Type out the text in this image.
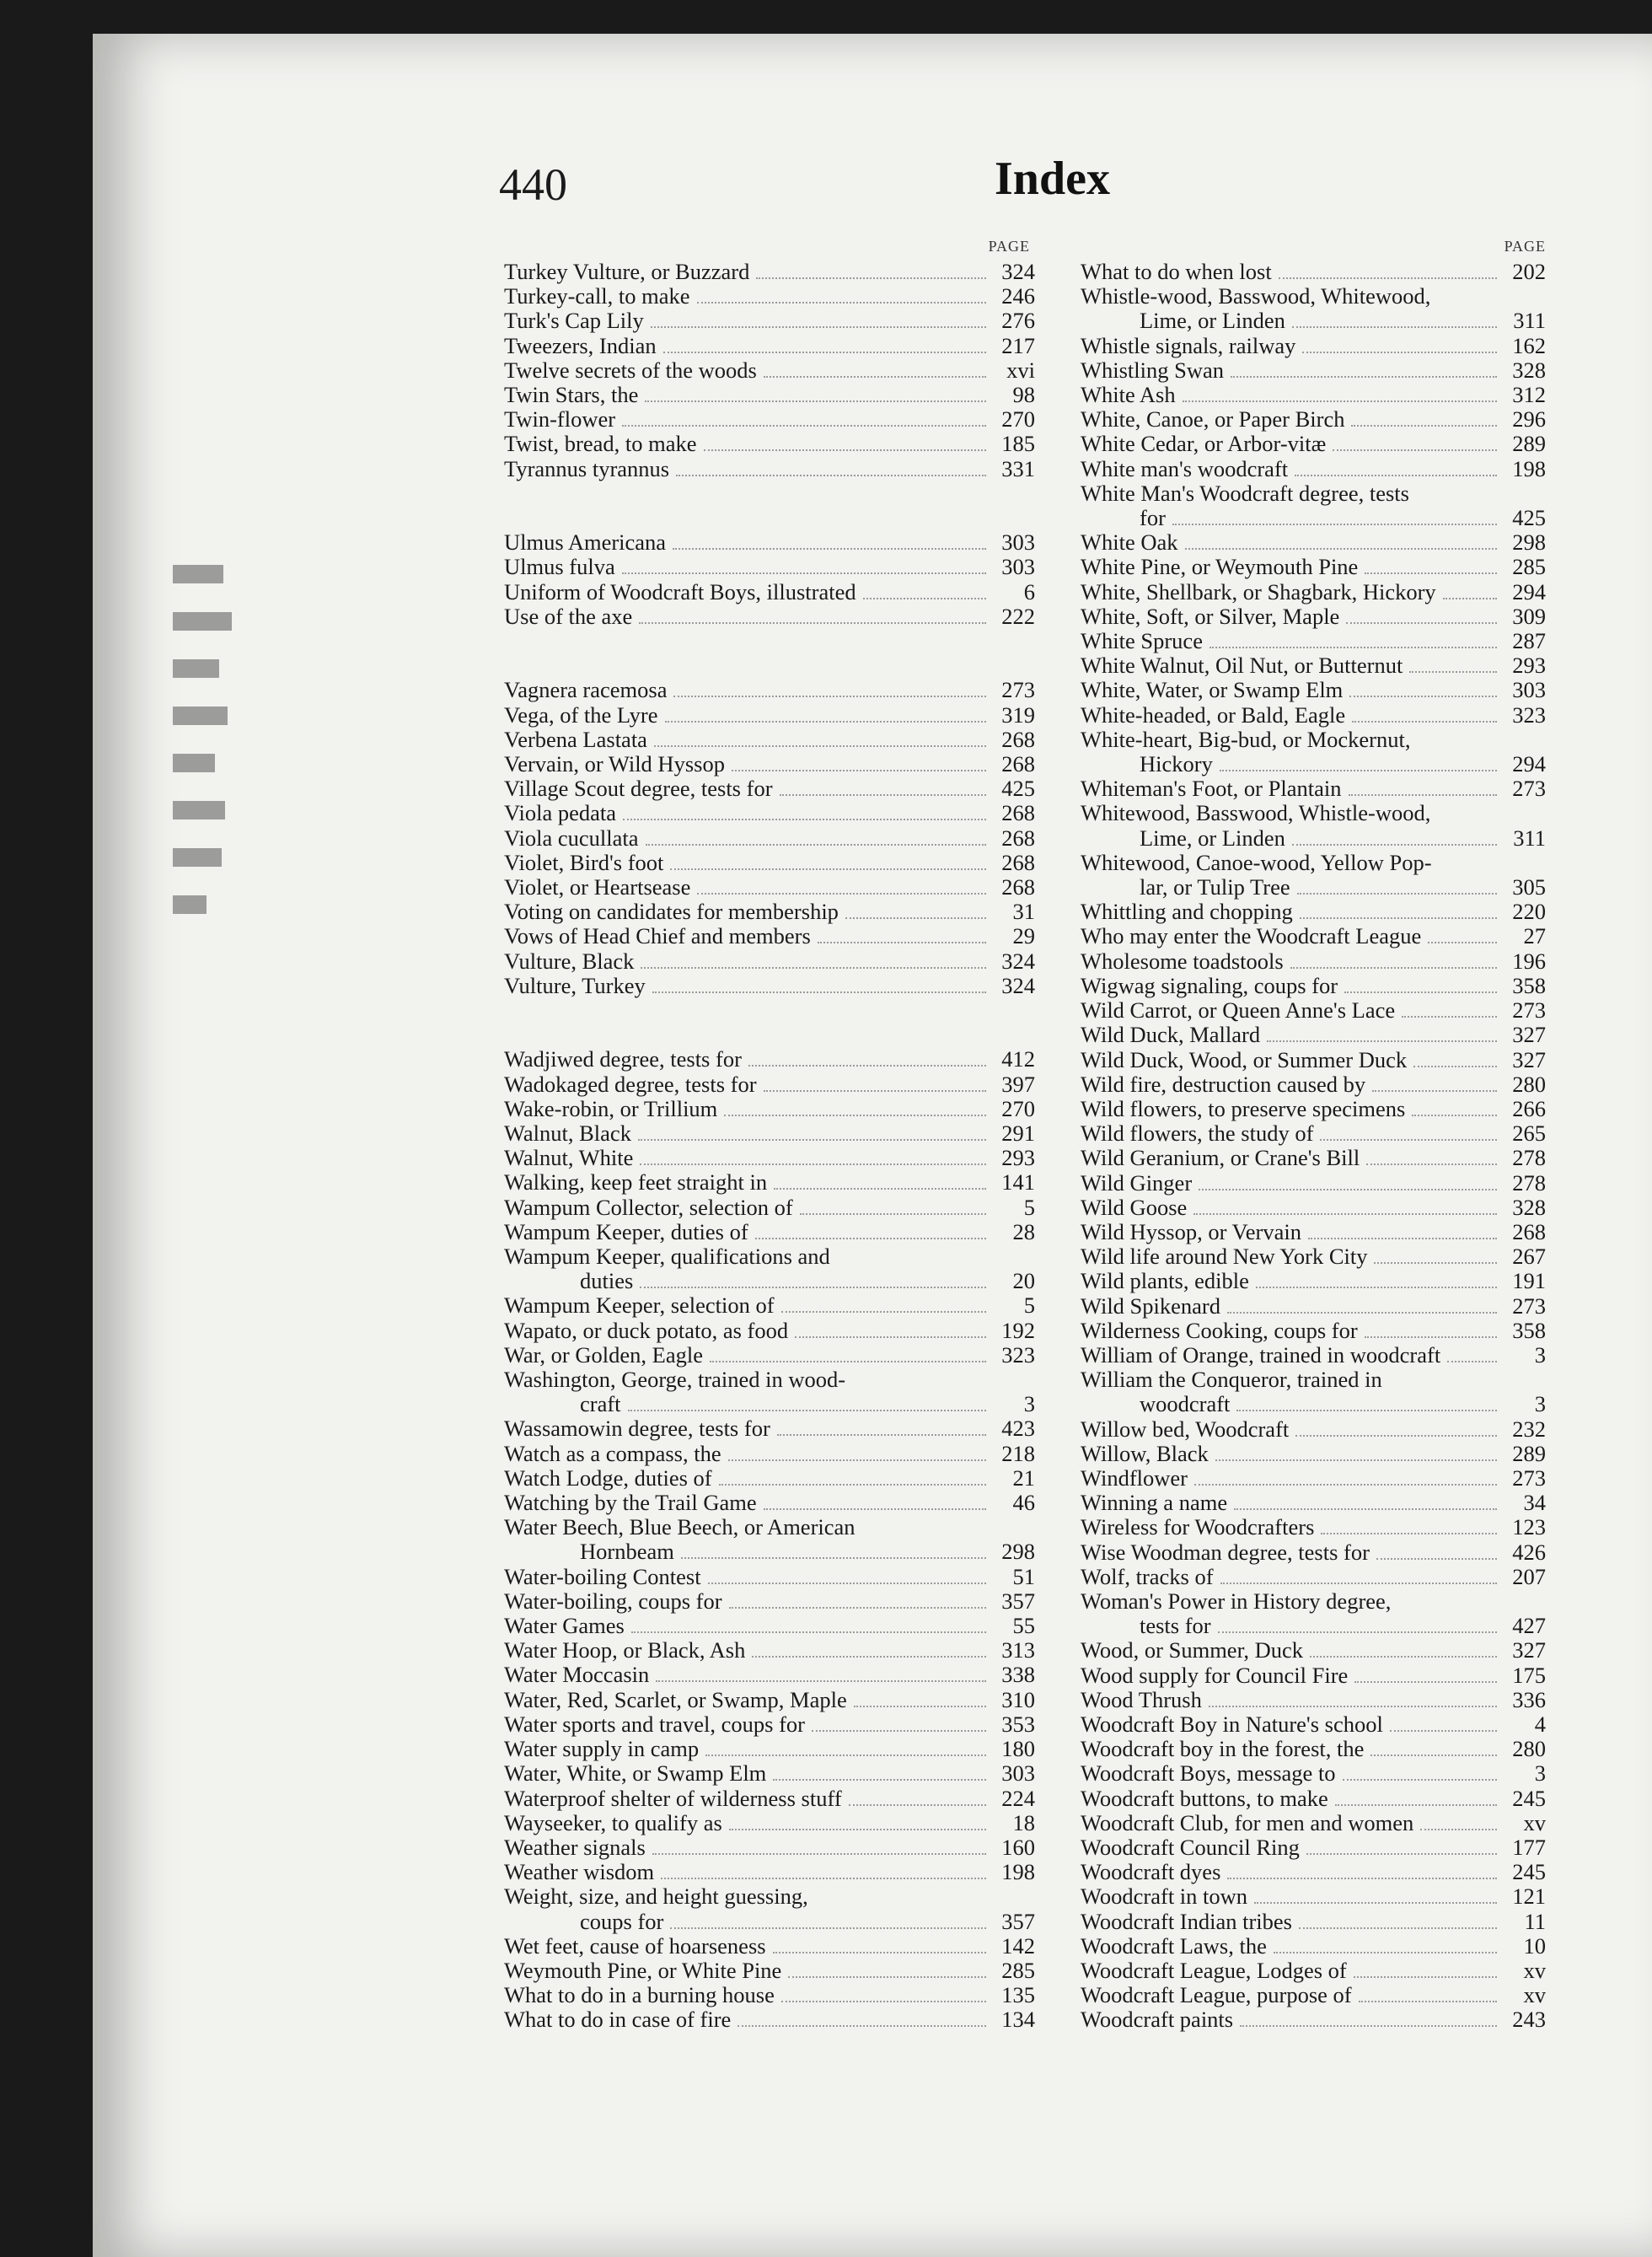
440	Index
PAGE
Turkey Vulture, or Buzzard	324
Turkey-call, to make	246
Turk's Cap Lily	276
Tweezers, Indian	217
Twelve secrets of the woods	xvi
Twin Stars, the	98
Twin-flower	270
Twist, bread, to make	185
Tyrannus tyrannus	331
Ulmus Americana	303
Ulmus fulva	303
Uniform of Woodcraft Boys, illustrated	6
Use of the axe	222
Vagnera racemosa	273
Vega, of the Lyre	319
Verbena Lastata	268
Vervain, or Wild Hyssop	268
Village Scout degree, tests for	425
Viola pedata	268
Viola cucullata	268
Violet, Bird's foot	268
Violet, or Heartsease	268
Voting on candidates for membership	31
Vows of Head Chief and members	29
Vulture, Black	324
Vulture, Turkey	324
Wadjiwed degree, tests for	412
Wadokaged degree, tests for	397
Wake-robin, or Trillium	270
Walnut, Black	291
Walnut, White	293
Walking, keep feet straight in	141
Wampum Collector, selection of	5
Wampum Keeper, duties of	28
Wampum Keeper, qualifications and
duties	20
Wampum Keeper, selection of	5
Wapato, or duck potato, as food	192
War, or Golden, Eagle	323
Washington, George, trained in wood-
craft	3
Wassamowin degree, tests for	423
Watch as a compass, the	218
Watch Lodge, duties of	21
Watching by the Trail Game	46
Water Beech, Blue Beech, or American
Hornbeam	298
Water-boiling Contest	51
Water-boiling, coups for	357
Water Games	55
Water Hoop, or Black, Ash	313
Water Moccasin	338
Water, Red, Scarlet, or Swamp, Maple	310
Water sports and travel, coups for	353
Water supply in camp	180
Water, White, or Swamp Elm	303
Waterproof shelter of wilderness stuff	224
Wayseeker, to qualify as	18
Weather signals	160
Weather wisdom	198
Weight, size, and height guessing,
coups for	357
Wet feet, cause of hoarseness	142
Weymouth Pine, or White Pine	285
What to do in a burning house	135
What to do in case of fire	134
PAGE
What to do when lost	202
Whistle-wood, Basswood, Whitewood,
Lime, or Linden	311
Whistle signals, railway	162
Whistling Swan	328
White Ash	312
White, Canoe, or Paper Birch	296
White Cedar, or Arbor-vitæ	289
White man's woodcraft	198
White Man's Woodcraft degree, tests
for	425
White Oak	298
White Pine, or Weymouth Pine	285
White, Shellbark, or Shagbark, Hickory	294
White, Soft, or Silver, Maple	309
White Spruce	287
White Walnut, Oil Nut, or Butternut	293
White, Water, or Swamp Elm	303
White-headed, or Bald, Eagle	323
White-heart, Big-bud, or Mockernut,
Hickory	294
Whiteman's Foot, or Plantain	273
Whitewood, Basswood, Whistle-wood,
Lime, or Linden	311
Whitewood, Canoe-wood, Yellow Pop-
lar, or Tulip Tree	305
Whittling and chopping	220
Who may enter the Woodcraft League	27
Wholesome toadstools	196
Wigwag signaling, coups for	358
Wild Carrot, or Queen Anne's Lace	273
Wild Duck, Mallard	327
Wild Duck, Wood, or Summer Duck	327
Wild fire, destruction caused by	280
Wild flowers, to preserve specimens	266
Wild flowers, the study of	265
Wild Geranium, or Crane's Bill	278
Wild Ginger	278
Wild Goose	328
Wild Hyssop, or Vervain	268
Wild life around New York City	267
Wild plants, edible	191
Wild Spikenard	273
Wilderness Cooking, coups for	358
William of Orange, trained in woodcraft	3
William the Conqueror, trained in
woodcraft	3
Willow bed, Woodcraft	232
Willow, Black	289
Windflower	273
Winning a name	34
Wireless for Woodcrafters	123
Wise Woodman degree, tests for	426
Wolf, tracks of	207
Woman's Power in History degree,
tests for	427
Wood, or Summer, Duck	327
Wood supply for Council Fire	175
Wood Thrush	336
Woodcraft Boy in Nature's school	4
Woodcraft boy in the forest, the	280
Woodcraft Boys, message to	3
Woodcraft buttons, to make	245
Woodcraft Club, for men and women	xv
Woodcraft Council Ring	177
Woodcraft dyes	245
Woodcraft in town	121
Woodcraft Indian tribes	11
Woodcraft Laws, the	10
Woodcraft League, Lodges of	xv
Woodcraft League, purpose of	xv
Woodcraft paints	243
